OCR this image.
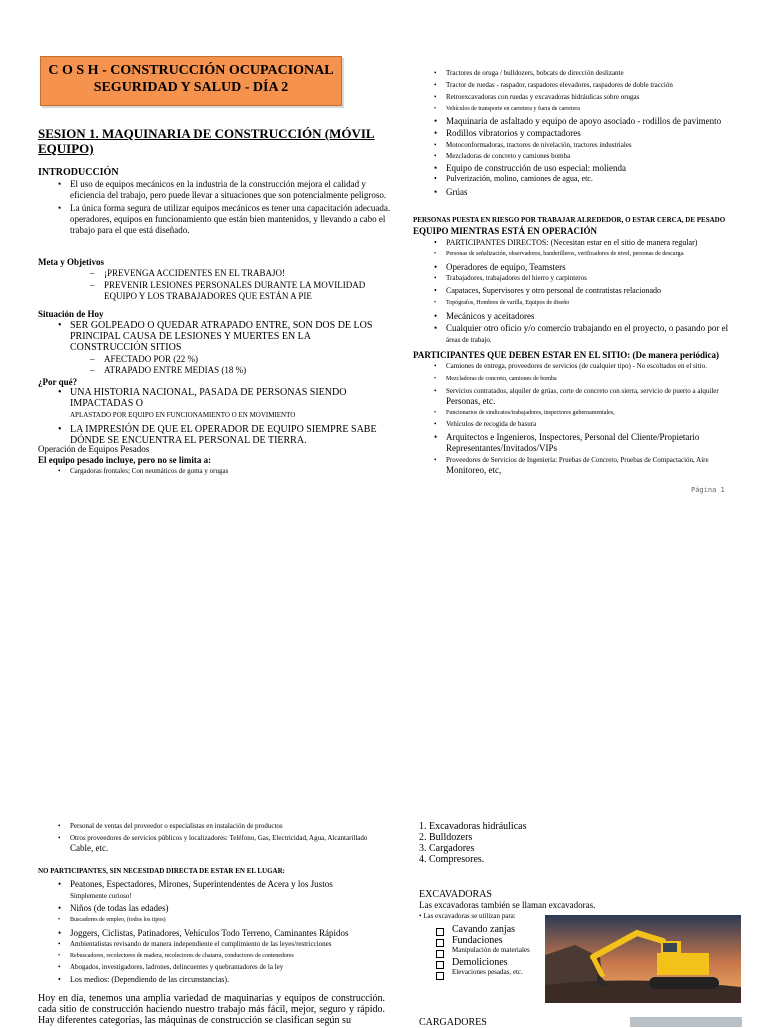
C O S H - CONSTRUCCIÓN OCUPACIONAL
SEGURIDAD Y SALUD - DÍA 2
SESION 1. MAQUINARIA DE CONSTRUCCIÓN (MÓVIL EQUIPO)
INTRODUCCIÓN
• El uso de equipos mecánicos en la industria de la construcción mejora el calidad y eficiencia del trabajo, pero puede llevar a situaciones que son potencialmente peligroso.
• La única forma segura de utilizar equipos mecánicos es tener una capacitación adecuada. operadores, equipos en funcionamiento que están bien mantenidos, y llevando a cabo el trabajo para el que está diseñado.
Meta y Objetivos
– ¡PREVENGA ACCIDENTES EN EL TRABAJO!
– PREVENIR LESIONES PERSONALES DURANTE LA MOVILIDAD EQUIPO Y LOS TRABAJADORES QUE ESTÁN A PIE
Situación de Hoy
• SER GOLPEADO O QUEDAR ATRAPADO ENTRE, SON DOS DE LOS PRINCIPAL CAUSA DE LESIONES Y MUERTES EN LA CONSTRUCCIÓN SITIOS
– AFECTADO POR (22 %)
– ATRAPADO ENTRE MEDIAS (18 %)
¿Por qué?
• UNA HISTORIA NACIONAL, PASADA DE PERSONAS SIENDO IMPACTADAS O
APLASTADO POR EQUIPO EN FUNCIONAMIENTO O EN MOVIMIENTO
• LA IMPRESIÓN DE QUE EL OPERADOR DE EQUIPO SIEMPRE SABE DÓNDE SE ENCUENTRA EL PERSONAL DE TIERRA.
Operación de Equipos Pesados
El equipo pesado incluye, pero no se limita a:
• Cargadoras frontales; Con neumáticos de goma y orugas
• Tractores de oruga / bulldozers, bobcats de dirección deslizante
• Tractor de ruedas - raspador, raspadores elevadores, raspadores de doble tracción
• Retroexcavadoras con ruedas y excavadoras hidráulicas sobre orugas
• Vehículos de transporte en carretera y fuera de carretera
• Maquinaria de asfaltado y equipo de apoyo asociado - rodillos de pavimento
• Rodillos vibratorios y compactadores
• Motoconformadoras, tractores de nivelación, tractores industriales
• Mezcladoras de concreto y camiones bomba
• Equipo de construcción de uso especial: molienda
• Pulverización, molino, camiones de agua, etc.
• Grúas
PERSONAS PUESTA EN RIESGO POR TRABAJAR ALREDEDOR, O ESTAR CERCA, DE PESADO
EQUIPO MIENTRAS ESTÁ EN OPERACIÓN
• PARTICIPANTES DIRECTOS: (Necesitan estar en el sitio de manera regular)
• Personas de señalización, observadores, banderilleros, verificadores de nivel, personas de descarga.
• Operadores de equipo, Teamsters
• Trabajadores, trabajadores del hierro y carpinteros
• Capataces, Supervisores y otro personal de contratistas relacionado
• Topógrafos, Hombres de varilla, Equipos de diseño
• Mecánicos y aceitadores
• Cualquier otro oficio y/o comercio trabajando en el proyecto, o pasando por el
áreas de trabajo.
PARTICIPANTES QUE DEBEN ESTAR EN EL SITIO: (De manera periódica)
• Camiones de entrega, proveedores de servicios (de cualquier tipo) - No escoltados en el sitio.
• Mezcladoras de concreto, camiones de bomba
• Servicios contratados, alquiler de grúas, corte de concreto con sierra, servicio de puerto a alquiler
Personas, etc.
• Funcionarios de sindicatos/trabajadores, inspectores gubernamentales,
• Vehículos de recogida de basura
• Arquitectos e Ingenieros, Inspectores, Personal del Cliente/Propietario
Representantes/Invitados/VIPs
• Proveedores de Servicios de Ingeniería: Pruebas de Concreto, Pruebas de Compactación, Aire
Monitoreo, etc,
Página 1
• Personal de ventas del proveedor o especialistas en instalación de productos
• Otros proveedores de servicios públicos y localizadores: Teléfono, Gas, Electricidad, Agua, Alcantarillado
Cable, etc.
NO PARTICIPANTES, SIN NECESIDAD DIRECTA DE ESTAR EN EL LUGAR:
• Peatones, Espectadores, Mirones, Superintendentes de Acera y los Justos
Simplemente curioso!
• Niños (de todas las edades)
• Buscadores de empleo, (todos los tipos)
• Joggers, Ciclistas, Patinadores, Vehículos Todo Terreno, Caminantes Rápidos
• Ambientalistas revisando de manera independiente el cumplimiento de las leyes/restricciones
• Rebuscadores, recolectores de madera, recolectores de chatarra, conductores de contenedores
• Abogados, investigadores, ladrones, delincuentes y quebrantadores de la ley
• Los medios: (Dependiendo de las circunstancias).
Hoy en día, tenemos una amplia variedad de maquinarias y equipos de construcción. cada sitio de construcción haciendo nuestro trabajo más fácil, mejor, seguro y rápido. Hay diferentes categorías, las máquinas de construcción se clasifican según su
1. Excavadoras hidráulicas
2. Bulldozers
3. Cargadores
4. Compresores.
EXCAVADORAS
Las excavadoras también se llaman excavadoras.
• Las excavadoras se utilizan para:
Cavando zanjas
Fundaciones
Manipulación de materiales
Demoliciones
Elevaciones pesadas, etc.
CARGADORES
